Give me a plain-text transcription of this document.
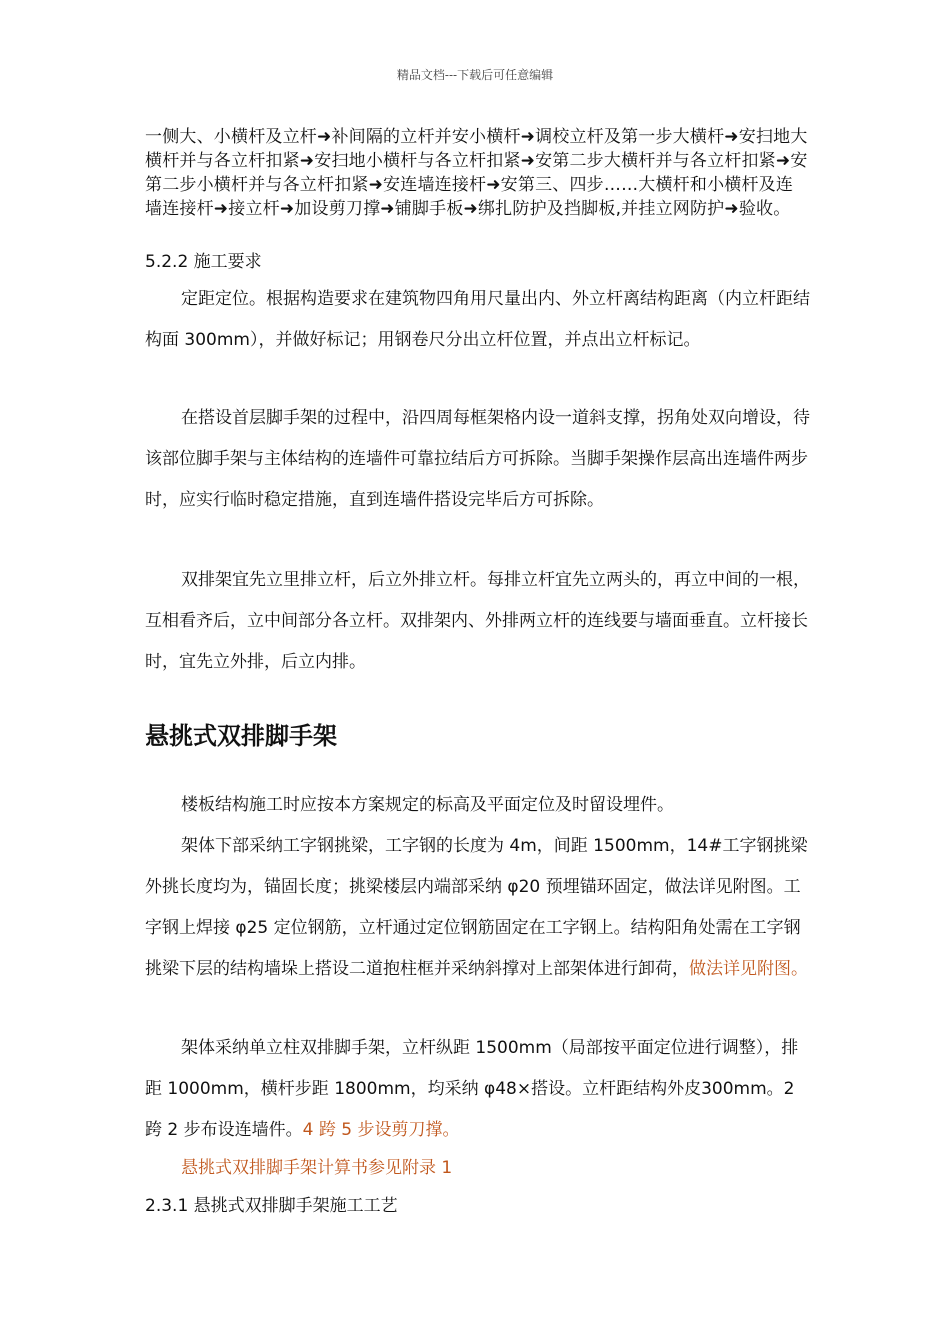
精品文档---下载后可任意编辑

一侧大、小横杆及立杆➜补间隔的立杆并安小横杆➜调校立杆及第一步大横杆➜安扫地大横杆并与各立杆扣紧➜安扫地小横杆与各立杆扣紧➜安第二步大横杆并与各立杆扣紧➜安第二步小横杆并与各立杆扣紧➜安连墙连接杆➜安第三、四步……大横杆和小横杆及连墙连接杆➜接立杆➜加设剪刀撑➜铺脚手板➜绑扎防护及挡脚板,并挂立网防护➜验收。

5.2.2 施工要求

定距定位。根据构造要求在建筑物四角用尺量出内、外立杆离结构距离（内立杆距结构面 300mm），并做好标记；用钢卷尺分出立杆位置，并点出立杆标记。

在搭设首层脚手架的过程中，沿四周每框架格内设一道斜支撑，拐角处双向增设，待该部位脚手架与主体结构的连墙件可靠拉结后方可拆除。当脚手架操作层高出连墙件两步时，应实行临时稳定措施，直到连墙件搭设完毕后方可拆除。

双排架宜先立里排立杆，后立外排立杆。每排立杆宜先立两头的，再立中间的一根，互相看齐后，立中间部分各立杆。双排架内、外排两立杆的连线要与墙面垂直。立杆接长时，宜先立外排，后立内排。

悬挑式双排脚手架

楼板结构施工时应按本方案规定的标高及平面定位及时留设埋件。

架体下部采纳工字钢挑梁，工字钢的长度为 4m，间距 1500mm，14#工字钢挑梁外挑长度均为，锚固长度；挑梁楼层内端部采纳 φ20 预埋锚环固定，做法详见附图。工字钢上焊接 φ25 定位钢筋，立杆通过定位钢筋固定在工字钢上。结构阳角处需在工字钢挑梁下层的结构墙垛上搭设二道抱柱框并采纳斜撑对上部架体进行卸荷，做法详见附图。

架体采纳单立柱双排脚手架，立杆纵距 1500mm（局部按平面定位进行调整），排距 1000mm，横杆步距 1800mm，均采纳 φ48×搭设。立杆距结构外皮300mm。2 跨 2 步布设连墙件。4 跨 5 步设剪刀撑。

悬挑式双排脚手架计算书参见附录 1

2.3.1 悬挑式双排脚手架施工工艺
